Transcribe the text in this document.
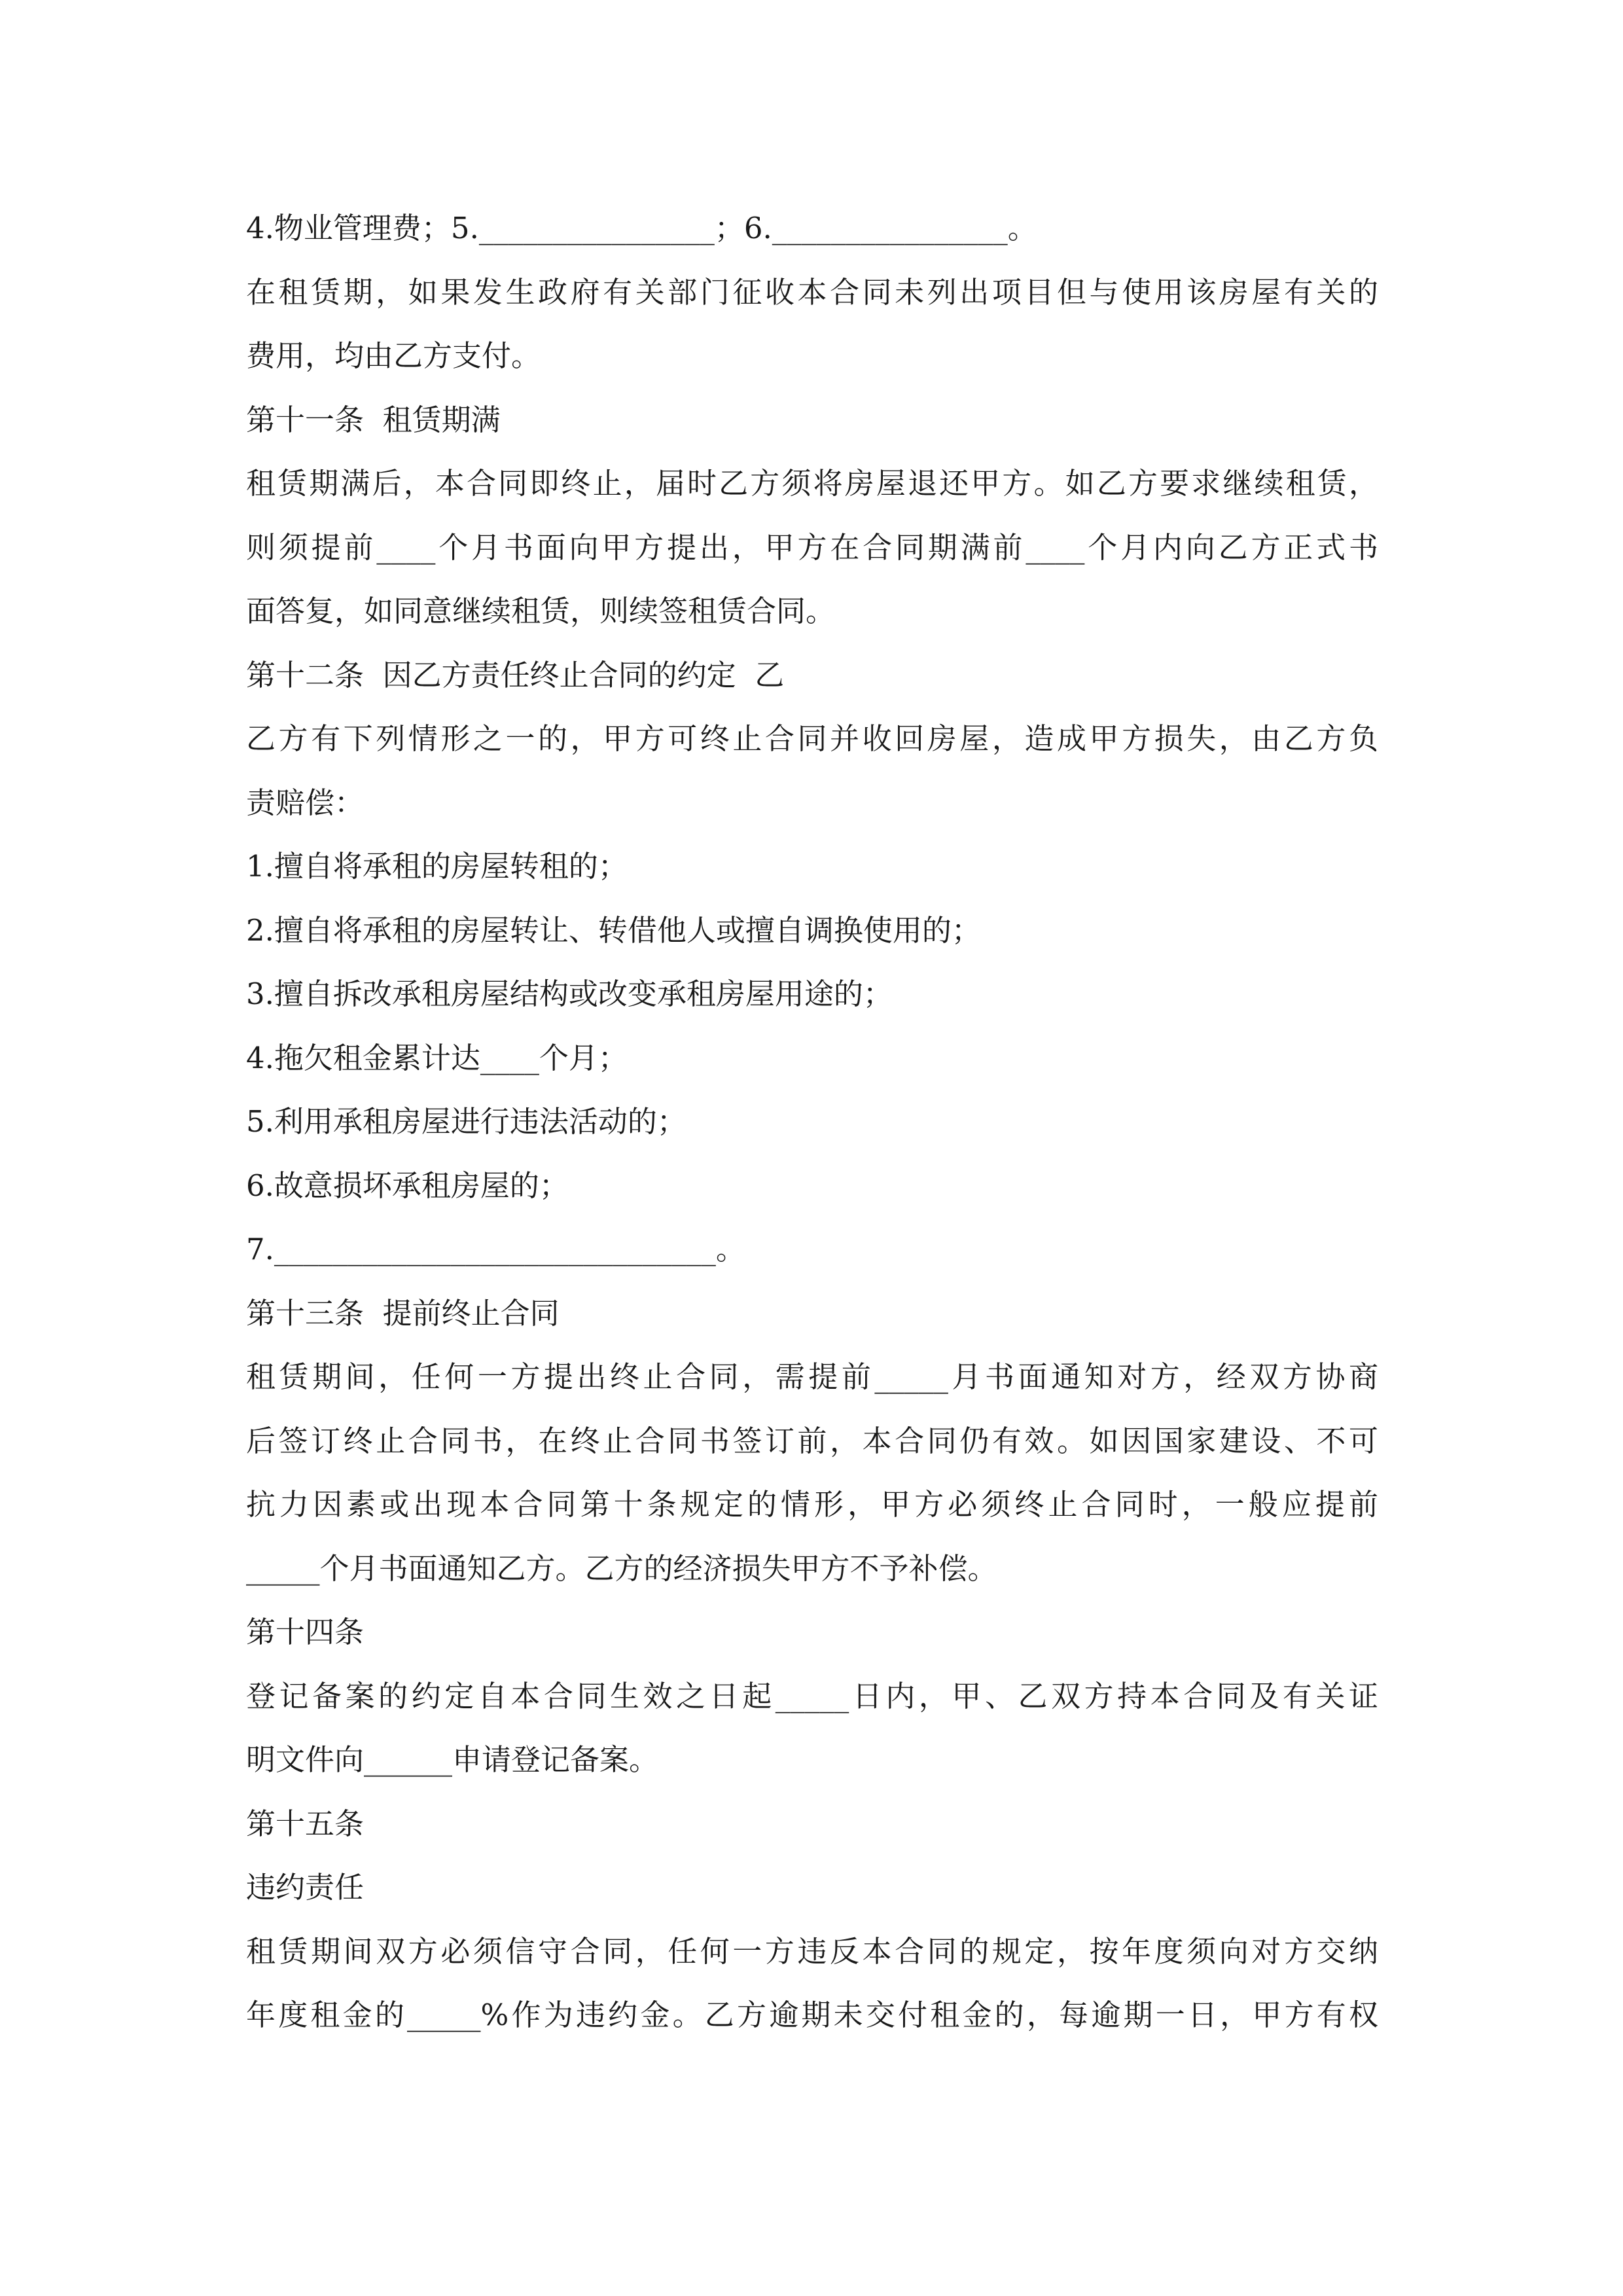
4.物业管理费；5.________________；6.________________。
在租赁期，如果发生政府有关部门征收本合同未列出项目但与使用该房屋有关的
费用，均由乙方支付。
第十一条  租赁期满
租赁期满后，本合同即终止，届时乙方须将房屋退还甲方。如乙方要求继续租赁，
则须提前____个月书面向甲方提出，甲方在合同期满前____个月内向乙方正式书
面答复，如同意继续租赁，则续签租赁合同。
第十二条  因乙方责任终止合同的约定  乙
乙方有下列情形之一的，甲方可终止合同并收回房屋，造成甲方损失，由乙方负
责赔偿：
1.擅自将承租的房屋转租的；
2.擅自将承租的房屋转让、转借他人或擅自调换使用的；
3.擅自拆改承租房屋结构或改变承租房屋用途的；
4.拖欠租金累计达____个月；
5.利用承租房屋进行违法活动的；
6.故意损坏承租房屋的；
7.______________________________。
第十三条  提前终止合同
租赁期间，任何一方提出终止合同，需提前_____月书面通知对方，经双方协商
后签订终止合同书，在终止合同书签订前，本合同仍有效。如因国家建设、不可
抗力因素或出现本合同第十条规定的情形，甲方必须终止合同时，一般应提前
_____个月书面通知乙方。乙方的经济损失甲方不予补偿。
第十四条
登记备案的约定自本合同生效之日起_____日内，甲、乙双方持本合同及有关证
明文件向______申请登记备案。
第十五条
违约责任
租赁期间双方必须信守合同，任何一方违反本合同的规定，按年度须向对方交纳
年度租金的_____%作为违约金。乙方逾期未交付租金的，每逾期一日，甲方有权
